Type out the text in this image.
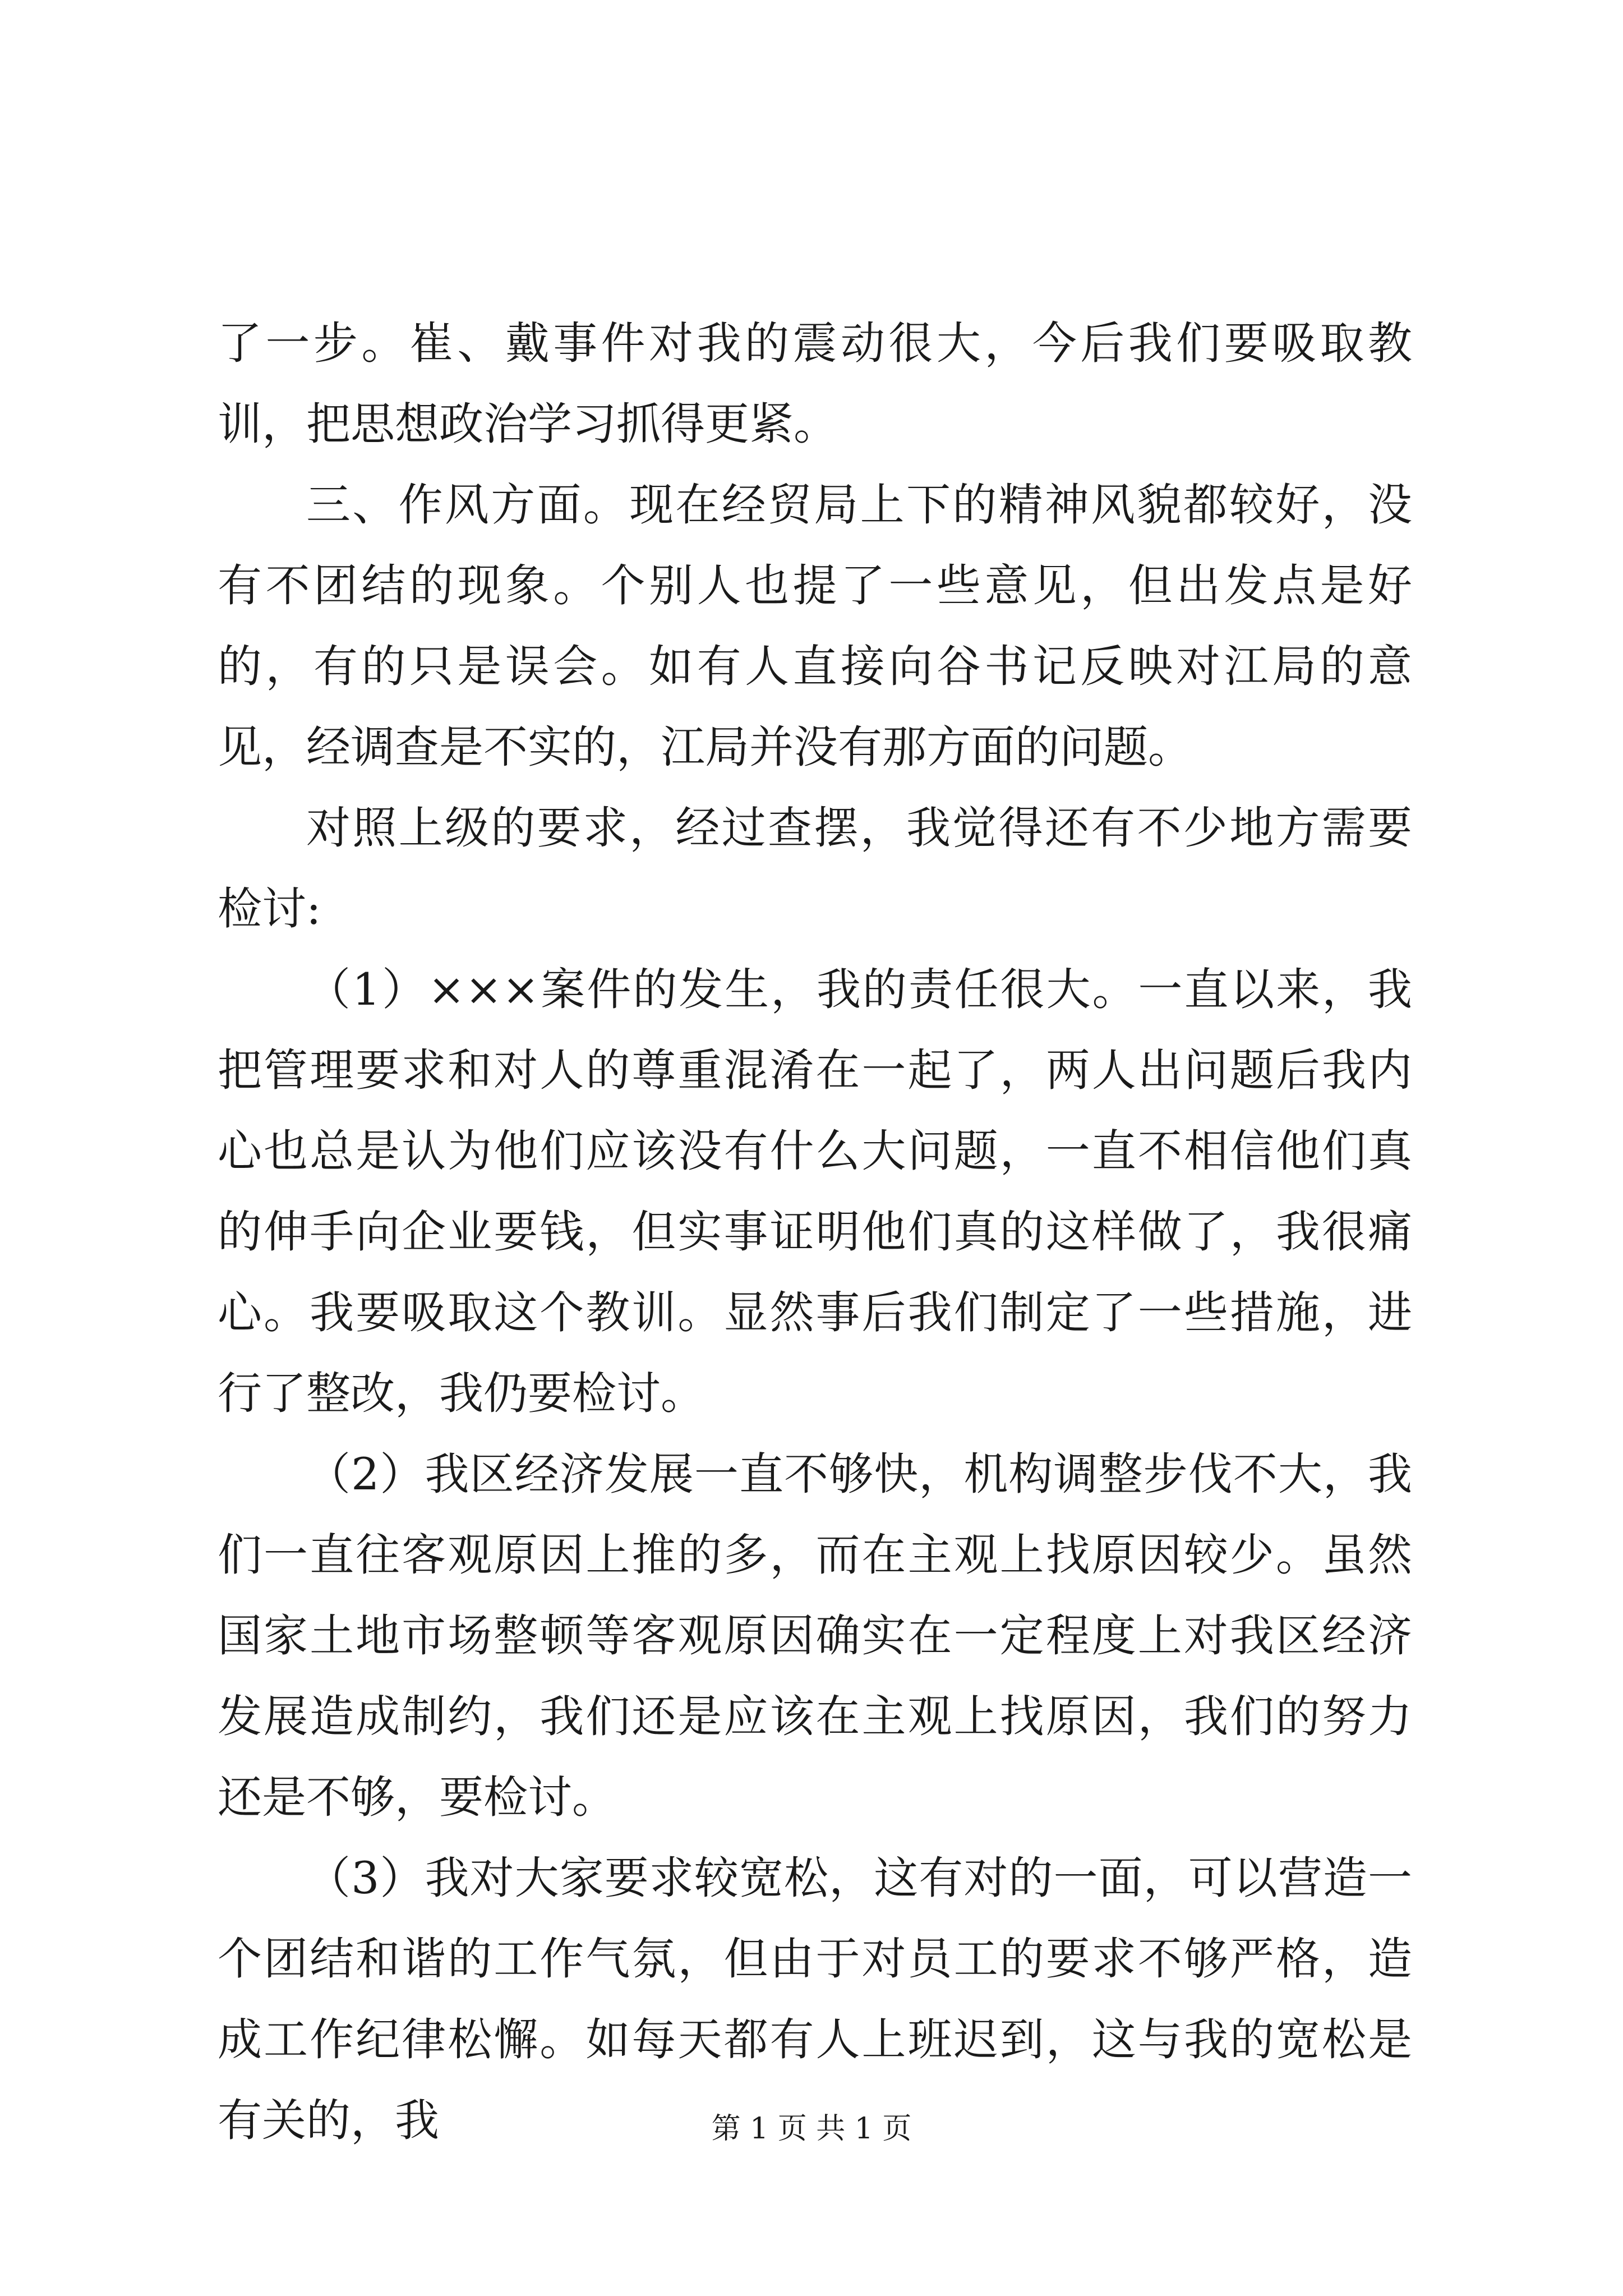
了一步。崔、戴事件对我的震动很大，今后我们要吸取教训，把思想政治学习抓得更紧。

三、作风方面。现在经贸局上下的精神风貌都较好，没有不团结的现象。个别人也提了一些意见，但出发点是好的，有的只是误会。如有人直接向谷书记反映对江局的意见，经调查是不实的，江局并没有那方面的问题。

对照上级的要求，经过查摆，我觉得还有不少地方需要检讨:

（1）×××案件的发生，我的责任很大。一直以来，我把管理要求和对人的尊重混淆在一起了，两人出问题后我内心也总是认为他们应该没有什么大问题，一直不相信他们真的伸手向企业要钱，但实事证明他们真的这样做了，我很痛心。我要吸取这个教训。显然事后我们制定了一些措施，进行了整改，我仍要检讨。

（2）我区经济发展一直不够快，机构调整步伐不大，我们一直往客观原因上推的多，而在主观上找原因较少。虽然国家土地市场整顿等客观原因确实在一定程度上对我区经济发展造成制约，我们还是应该在主观上找原因，我们的努力还是不够，要检讨。

（3）我对大家要求较宽松，这有对的一面，可以营造一个团结和谐的工作气氛，但由于对员工的要求不够严格，造成工作纪律松懈。如每天都有人上班迟到，这与我的宽松是有关的，我	第 1 页 共 1 页
